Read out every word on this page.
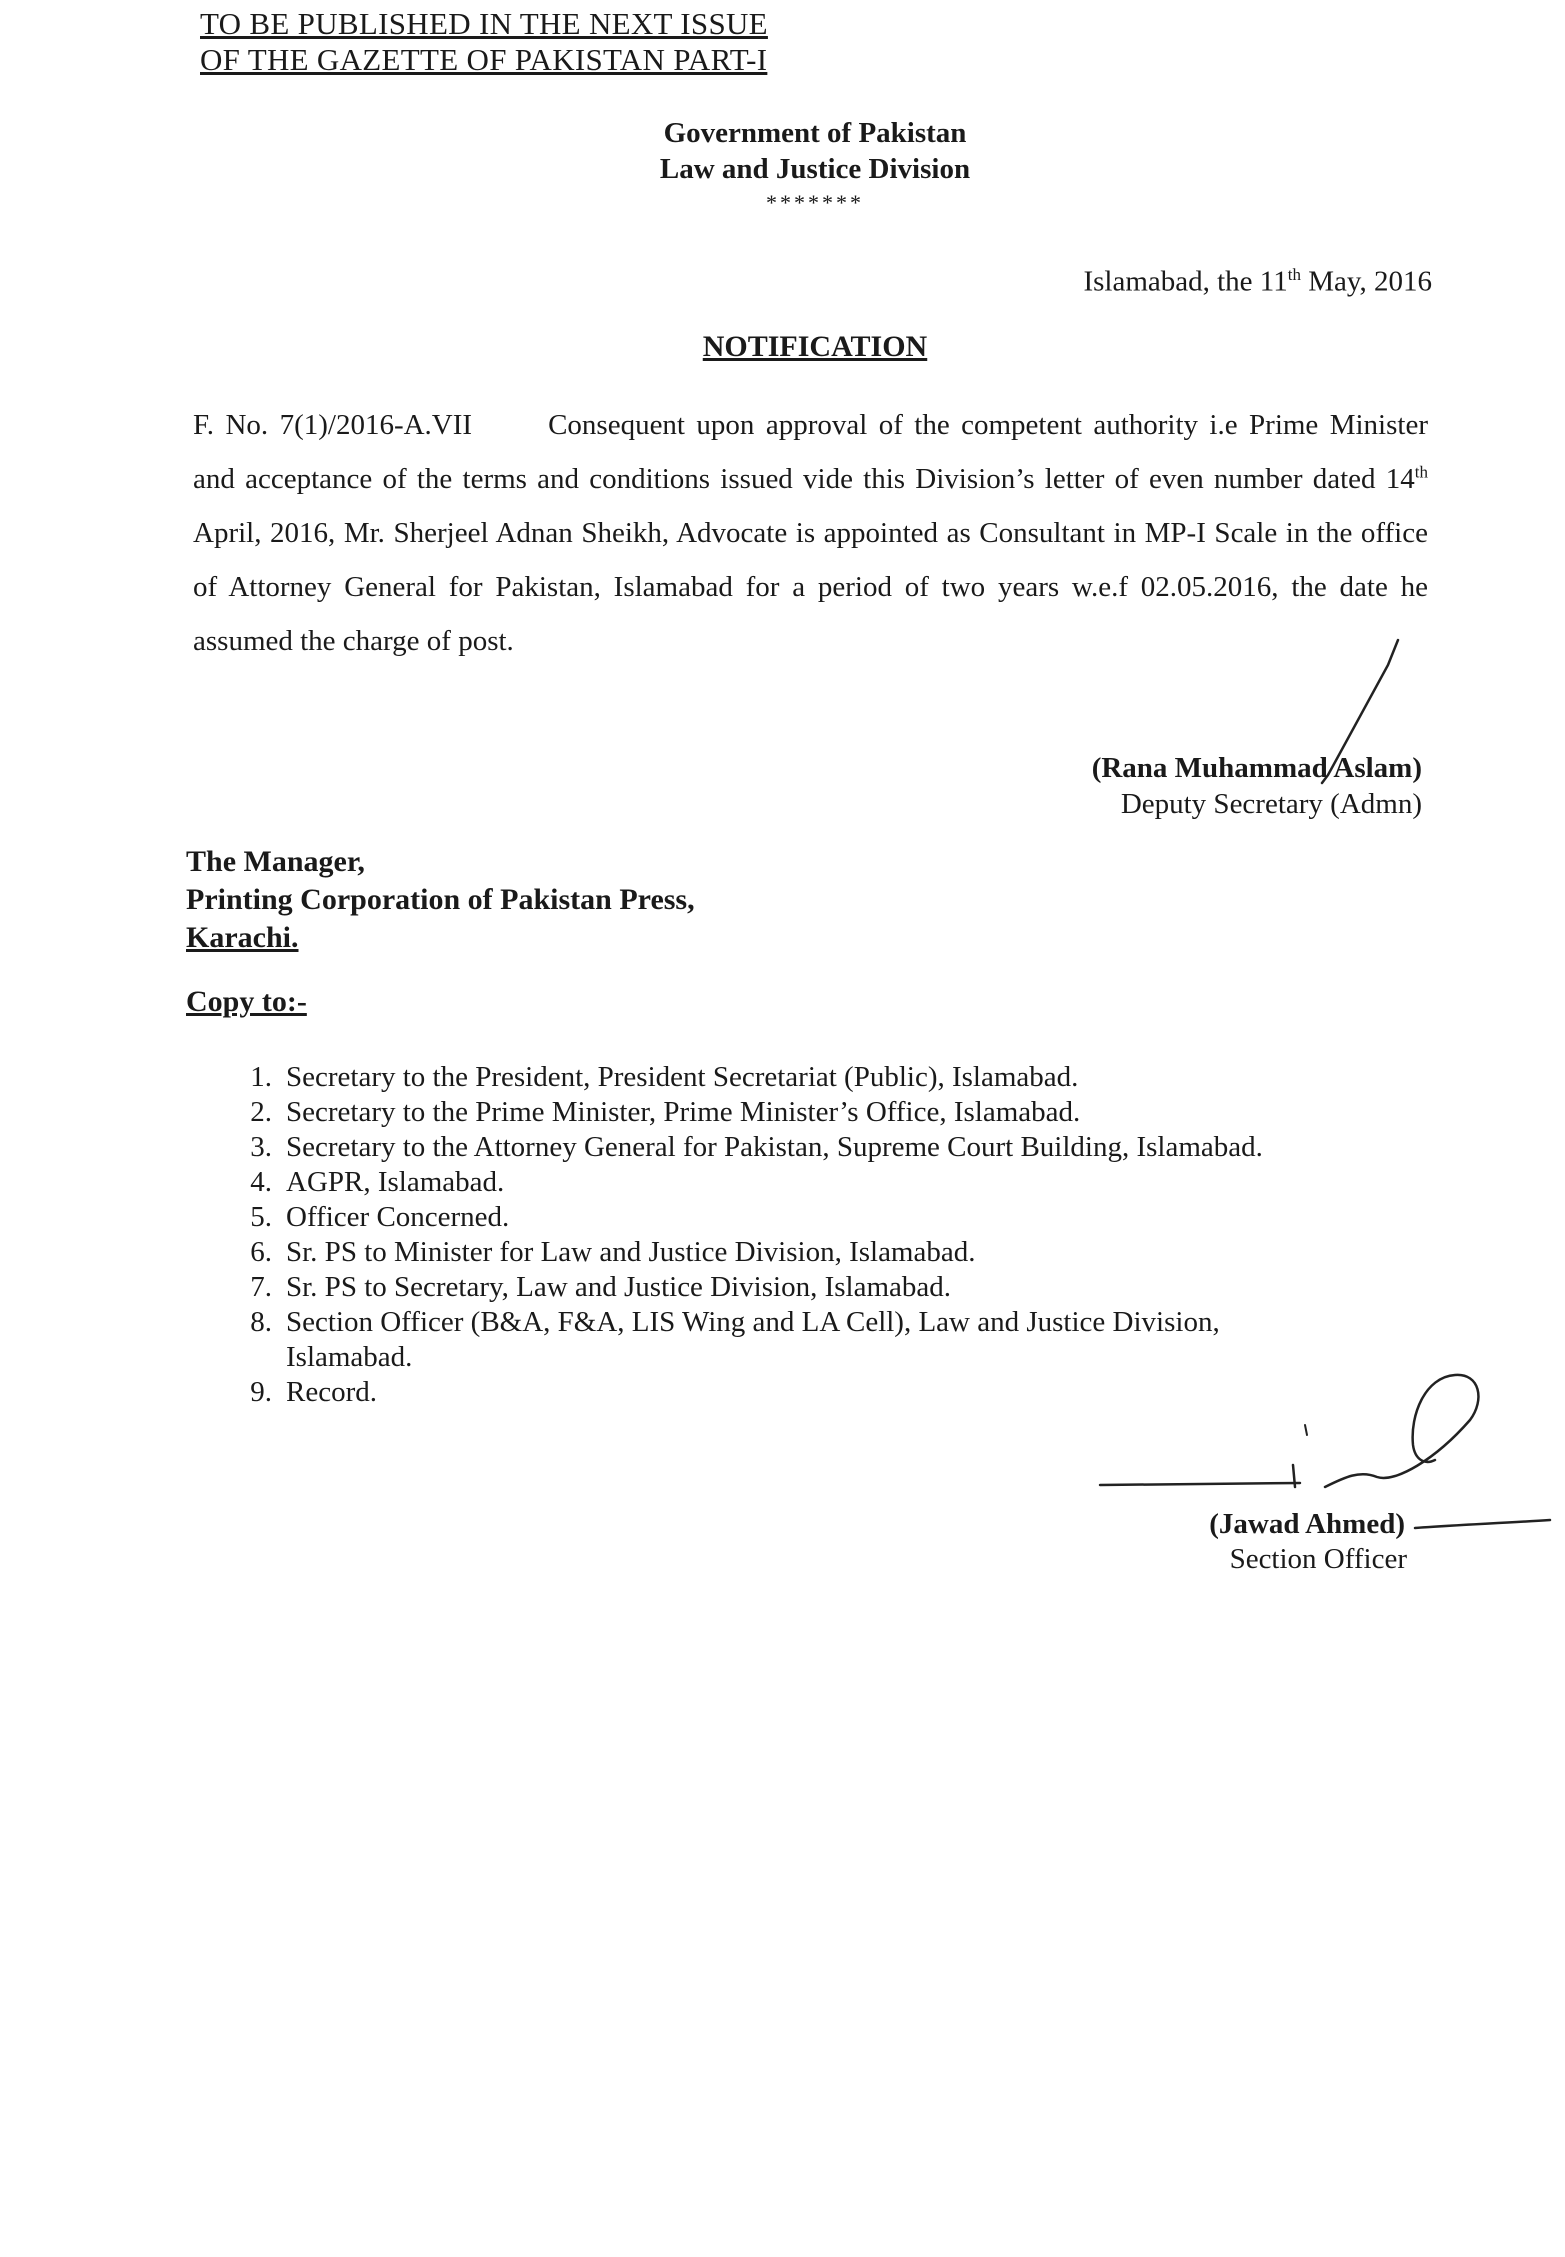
TO BE PUBLISHED IN THE NEXT ISSUE
OF THE GAZETTE OF PAKISTAN PART-I
Government of Pakistan
Law and Justice Division
*******
Islamabad, the 11th May, 2016
NOTIFICATION
F. No. 7(1)/2016-A.VII	Consequent upon approval of the competent authority i.e Prime Minister and acceptance of the terms and conditions issued vide this Division’s letter of even number dated 14th April, 2016, Mr. Sherjeel Adnan Sheikh, Advocate is appointed as Consultant in MP-I Scale in the office of Attorney General for Pakistan, Islamabad for a period of two years w.e.f 02.05.2016, the date he assumed the charge of post.
(Rana Muhammad Aslam)
Deputy Secretary (Admn)
The Manager,
Printing Corporation of Pakistan Press,
Karachi.
Copy to:-
1. Secretary to the President, President Secretariat (Public), Islamabad.
2. Secretary to the Prime Minister, Prime Minister’s Office, Islamabad.
3. Secretary to the Attorney General for Pakistan, Supreme Court Building, Islamabad.
4. AGPR, Islamabad.
5. Officer Concerned.
6. Sr. PS to Minister for Law and Justice Division, Islamabad.
7. Sr. PS to Secretary, Law and Justice Division, Islamabad.
8. Section Officer (B&A, F&A, LIS Wing and LA Cell), Law and Justice Division,
Islamabad.
9. Record.
(Jawad Ahmed)
Section Officer
